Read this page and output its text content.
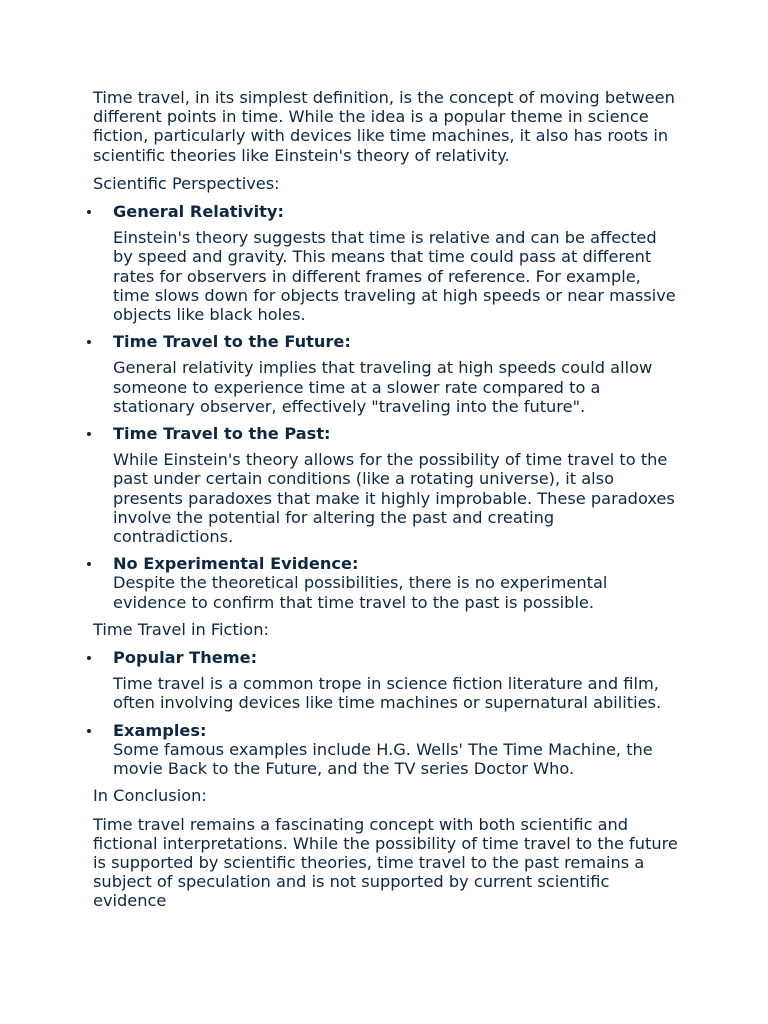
Time travel, in its simplest definition, is the concept of moving between different points in time. While the idea is a popular theme in science fiction, particularly with devices like time machines, it also has roots in scientific theories like Einstein's theory of relativity.

Scientific Perspectives:

General Relativity:
Einstein's theory suggests that time is relative and can be affected by speed and gravity. This means that time could pass at different rates for observers in different frames of reference. For example, time slows down for objects traveling at high speeds or near massive objects like black holes.
Time Travel to the Future:
General relativity implies that traveling at high speeds could allow someone to experience time at a slower rate compared to a stationary observer, effectively "traveling into the future".
Time Travel to the Past:
While Einstein's theory allows for the possibility of time travel to the past under certain conditions (like a rotating universe), it also presents paradoxes that make it highly improbable. These paradoxes involve the potential for altering the past and creating contradictions.
No Experimental Evidence:
Despite the theoretical possibilities, there is no experimental evidence to confirm that time travel to the past is possible.

Time Travel in Fiction:

Popular Theme:
Time travel is a common trope in science fiction literature and film, often involving devices like time machines or supernatural abilities.
Examples:
Some famous examples include H.G. Wells' The Time Machine, the movie Back to the Future, and the TV series Doctor Who.

In Conclusion:

Time travel remains a fascinating concept with both scientific and fictional interpretations. While the possibility of time travel to the future is supported by scientific theories, time travel to the past remains a subject of speculation and is not supported by current scientific evidence
